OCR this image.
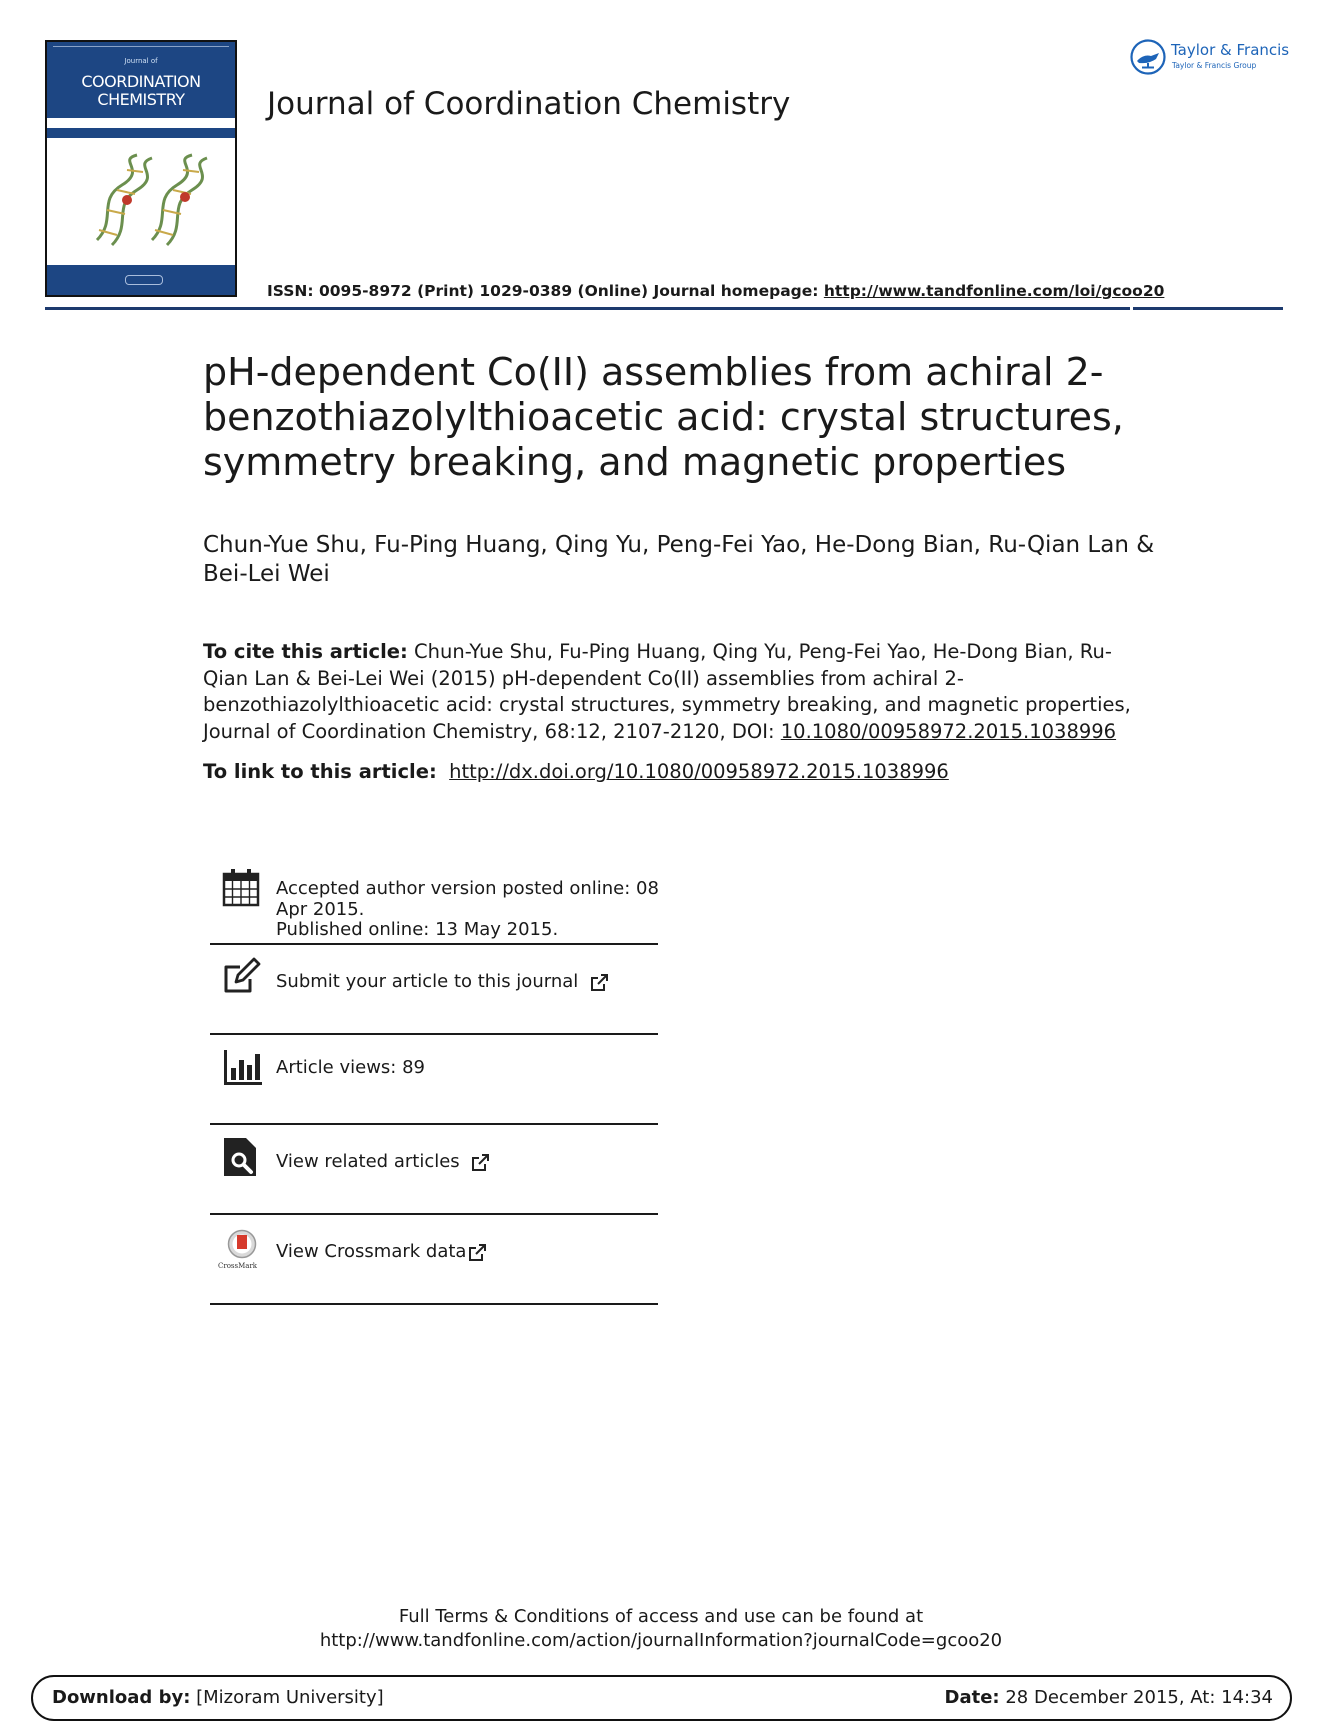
Journal of
COORDINATION
CHEMISTRY	Journal of Coordination Chemistry
Taylor & Francis
Taylor & Francis Group
ISSN: 0095-8972 (Print) 1029-0389 (Online) Journal homepage: http://www.tandfonline.com/loi/gcoo20
pH-dependent Co(II) assemblies from achiral 2-benzothiazolylthioacetic acid: crystal structures, symmetry breaking, and magnetic properties
Chun-Yue Shu, Fu-Ping Huang, Qing Yu, Peng-Fei Yao, He-Dong Bian, Ru-Qian Lan & Bei-Lei Wei
To cite this article: Chun-Yue Shu, Fu-Ping Huang, Qing Yu, Peng-Fei Yao, He-Dong Bian, Ru-Qian Lan & Bei-Lei Wei (2015) pH-dependent Co(II) assemblies from achiral 2-benzothiazolylthioacetic acid: crystal structures, symmetry breaking, and magnetic properties, Journal of Coordination Chemistry, 68:12, 2107-2120, DOI: 10.1080/00958972.2015.1038996
To link to this article: http://dx.doi.org/10.1080/00958972.2015.1038996
Accepted author version posted online: 08 Apr 2015.
Published online: 13 May 2015.
Submit your article to this journal
Article views: 89
View related articles
CrossMark
View Crossmark data
Full Terms & Conditions of access and use can be found at
http://www.tandfonline.com/action/journalInformation?journalCode=gcoo20
Download by: [Mizoram University]	Date: 28 December 2015, At: 14:34
